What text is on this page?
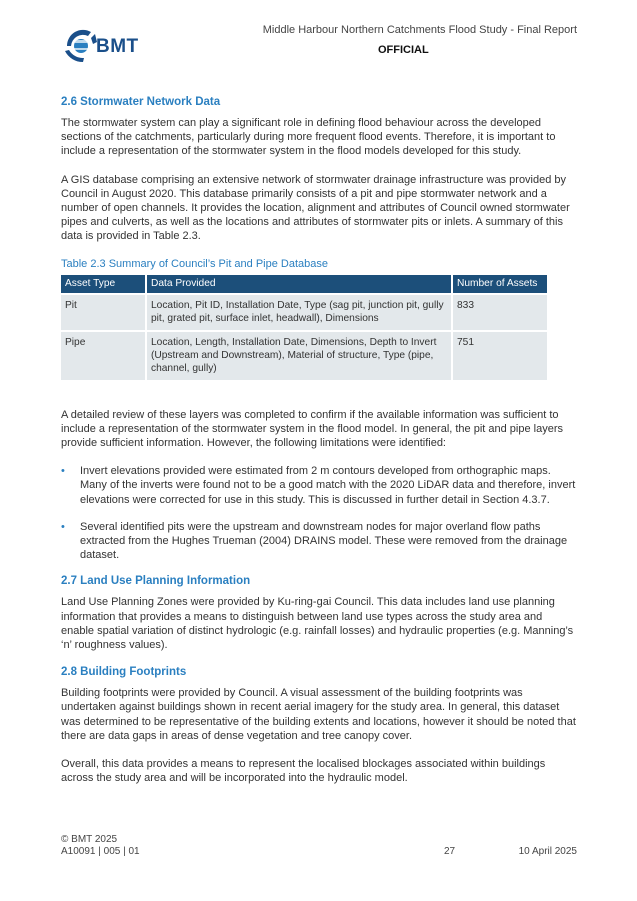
BMT
Middle Harbour Northern Catchments Flood Study - Final Report
OFFICIAL
2.6 Stormwater Network Data

The stormwater system can play a significant role in defining flood behaviour across the developed sections of the catchments, particularly during more frequent flood events. Therefore, it is important to include a representation of the stormwater system in the flood models developed for this study.

A GIS database comprising an extensive network of stormwater drainage infrastructure was provided by Council in August 2020. This database primarily consists of a pit and pipe stormwater network and a number of open channels. It provides the location, alignment and attributes of Council owned stormwater pipes and culverts, as well as the locations and attributes of stormwater pits or inlets. A summary of this data is provided in Table 2.3.

Table 2.3 Summary of Council’s Pit and Pipe Database
Asset Type	Data Provided	Number of Assets
Pit	Location, Pit ID, Installation Date, Type (sag pit, junction pit, gully pit, grated pit, surface inlet, headwall), Dimensions	833
Pipe	Location, Length, Installation Date, Dimensions, Depth to Invert (Upstream and Downstream), Material of structure, Type (pipe, channel, gully)	751

A detailed review of these layers was completed to confirm if the available information was sufficient to include a representation of the stormwater system in the flood model. In general, the pit and pipe layers provide sufficient information. However, the following limitations were identified:

• Invert elevations provided were estimated from 2 m contours developed from orthographic maps. Many of the inverts were found not to be a good match with the 2020 LiDAR data and therefore, invert elevations were corrected for use in this study. This is discussed in further detail in Section 4.3.7.
• Several identified pits were the upstream and downstream nodes for major overland flow paths extracted from the Hughes Trueman (2004) DRAINS model. These were removed from the drainage dataset.
2.7 Land Use Planning Information

Land Use Planning Zones were provided by Ku-ring-gai Council. This data includes land use planning information that provides a means to distinguish between land use types across the study area and enable spatial variation of distinct hydrologic (e.g. rainfall losses) and hydraulic properties (e.g. Manning’s ‘n’ roughness values).

2.8 Building Footprints

Building footprints were provided by Council. A visual assessment of the building footprints was undertaken against buildings shown in recent aerial imagery for the study area. In general, this dataset was determined to be representative of the building extents and locations, however it should be noted that there are data gaps in areas of dense vegetation and tree canopy cover.

Overall, this data provides a means to represent the localised blockages associated within buildings across the study area and will be incorporated into the hydraulic model.

© BMT 2025
A10091 | 005 | 01	27	10 April 2025
